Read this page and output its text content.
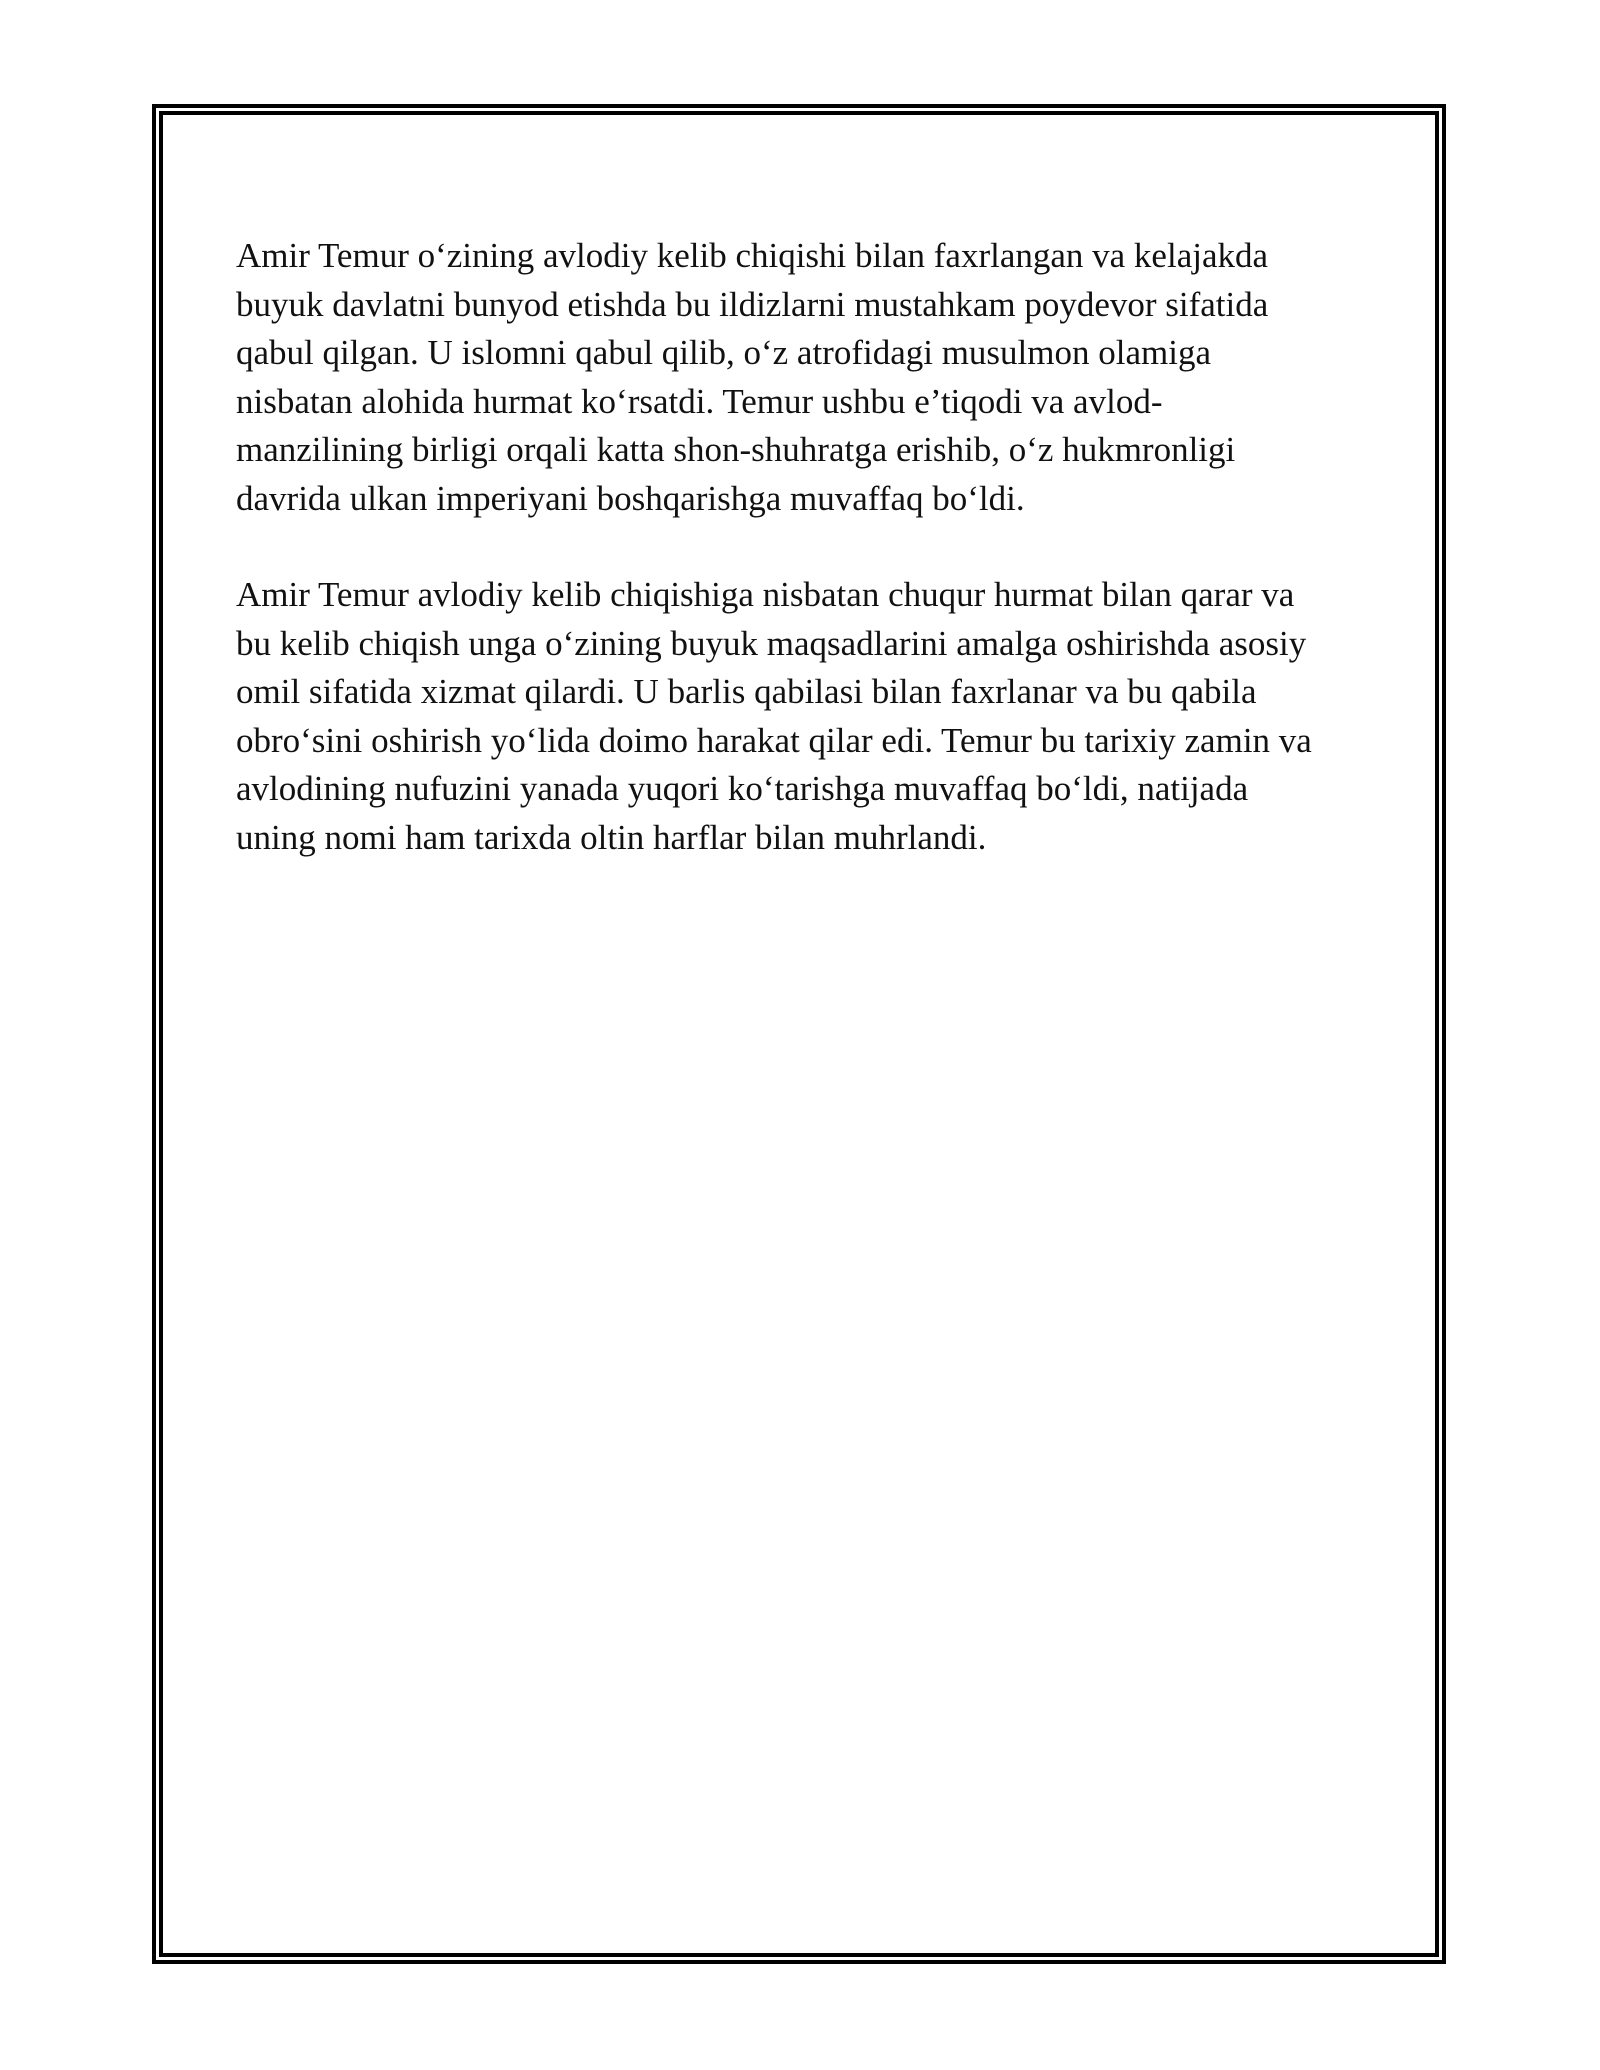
Amir Temur o‘zining avlodiy kelib chiqishi bilan faxrlangan va kelajakda
buyuk davlatni bunyod etishda bu ildizlarni mustahkam poydevor sifatida
qabul qilgan. U islomni qabul qilib, o‘z atrofidagi musulmon olamiga
nisbatan alohida hurmat ko‘rsatdi. Temur ushbu e’tiqodi va avlod-
manzilining birligi orqali katta shon-shuhratga erishib, o‘z hukmronligi
davrida ulkan imperiyani boshqarishga muvaffaq bo‘ldi.

Amir Temur avlodiy kelib chiqishiga nisbatan chuqur hurmat bilan qarar va
bu kelib chiqish unga o‘zining buyuk maqsadlarini amalga oshirishda asosiy
omil sifatida xizmat qilardi. U barlis qabilasi bilan faxrlanar va bu qabila
obro‘sini oshirish yo‘lida doimo harakat qilar edi. Temur bu tarixiy zamin va
avlodining nufuzini yanada yuqori ko‘tarishga muvaffaq bo‘ldi, natijada
uning nomi ham tarixda oltin harflar bilan muhrlandi.
